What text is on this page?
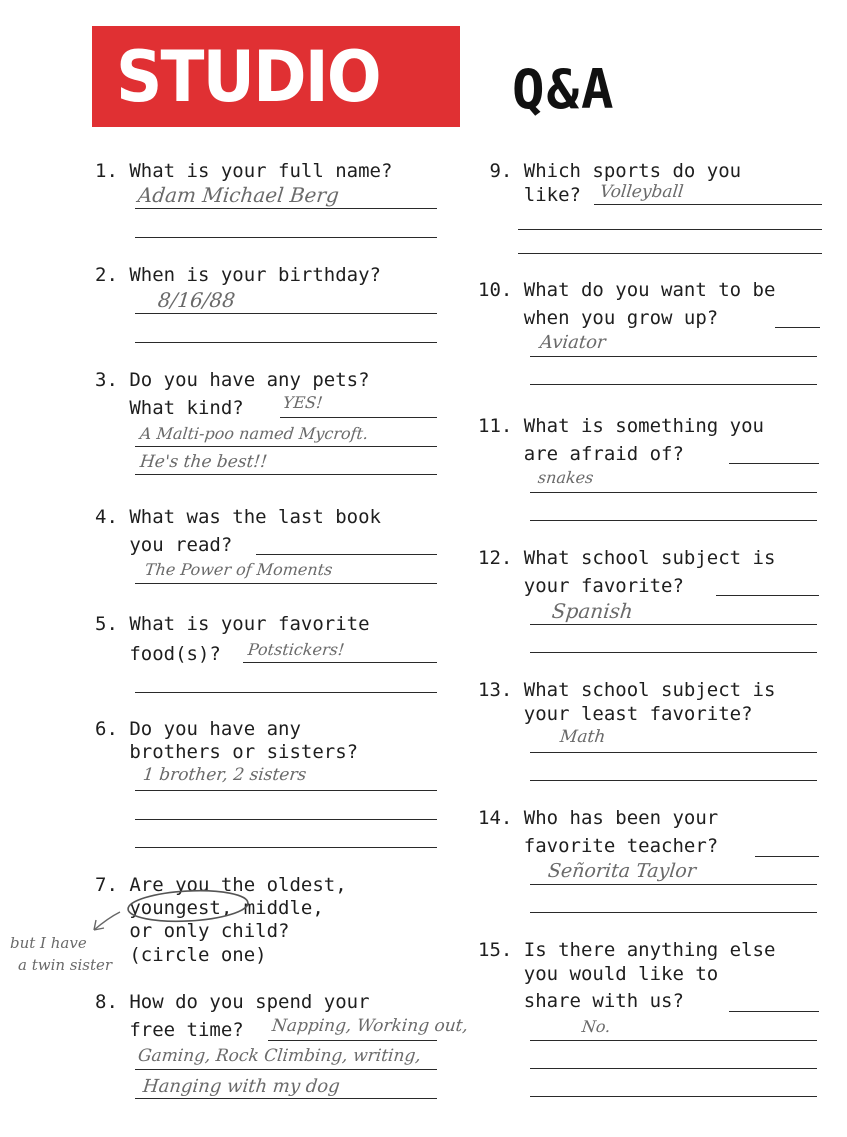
STUDIO Q&A
1. What is your full name?
Adam Michael Berg
2. When is your birthday?
8/16/88
3. Do you have any pets?
What kind? YES!
A Malti-poo named Mycroft.
He's the best!!
4. What was the last book
you read?
The Power of Moments
5. What is your favorite
food(s)? Potstickers!
6. Do you have any
brothers or sisters?
1 brother, 2 sisters
7. Are you the oldest,
youngest, middle,
or only child?
(circle one)
but I have
a twin sister
8. How do you spend your
free time? Napping, Working out,
Gaming, Rock Climbing, writing,
Hanging with my dog
9. Which sports do you
like? Volleyball
10. What do you want to be
when you grow up?
Aviator
11. What is something you
are afraid of?
snakes
12. What school subject is
your favorite?
Spanish
13. What school subject is
your least favorite?
Math
14. Who has been your
favorite teacher?
Señorita Taylor
15. Is there anything else
you would like to
share with us?
No.
